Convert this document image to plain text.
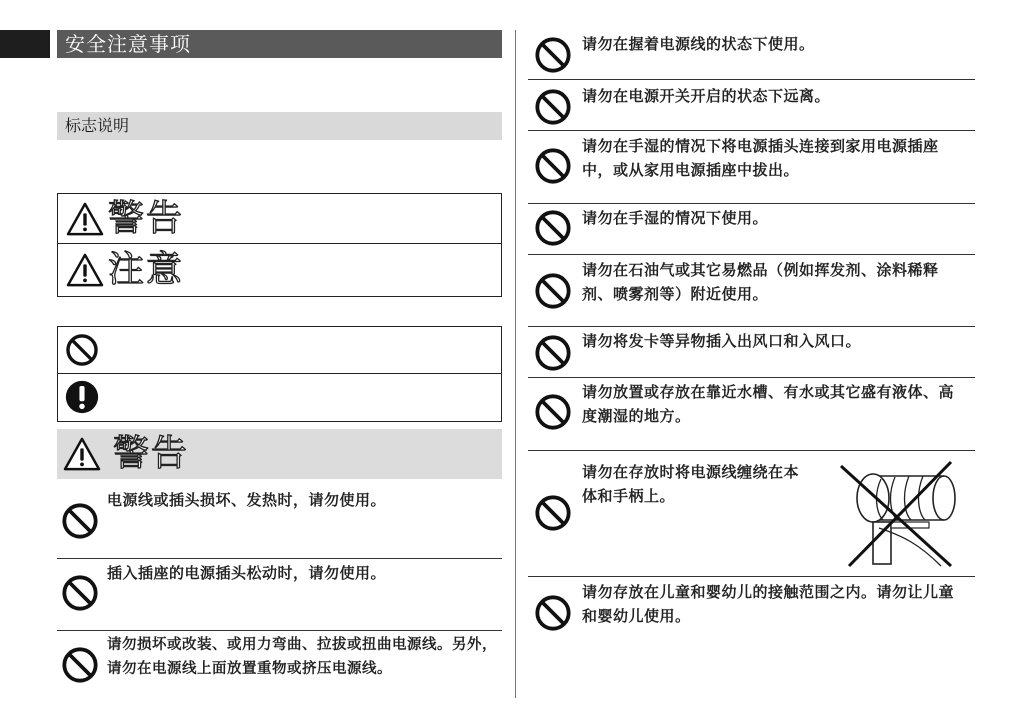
安全注意事项
标志说明
警告
注意
警告
电源线或插头损坏、发热时，请勿使用。
插入插座的电源插头松动时，请勿使用。
请勿损坏或改装、或用力弯曲、拉拔或扭曲电源线。另外，请勿在电源线上面放置重物或挤压电源线。
请勿在握着电源线的状态下使用。
请勿在电源开关开启的状态下远离。
请勿在手湿的情况下将电源插头连接到家用电源插座中，或从家用电源插座中拔出。
请勿在手湿的情况下使用。
请勿在石油气或其它易燃品（例如挥发剂、涂料稀释剂、喷雾剂等）附近使用。
请勿将发卡等异物插入出风口和入风口。
请勿放置或存放在靠近水槽、有水或其它盛有液体、高度潮湿的地方。
请勿在存放时将电源线缠绕在本体和手柄上。
请勿存放在儿童和婴幼儿的接触范围之内。请勿让儿童和婴幼儿使用。
